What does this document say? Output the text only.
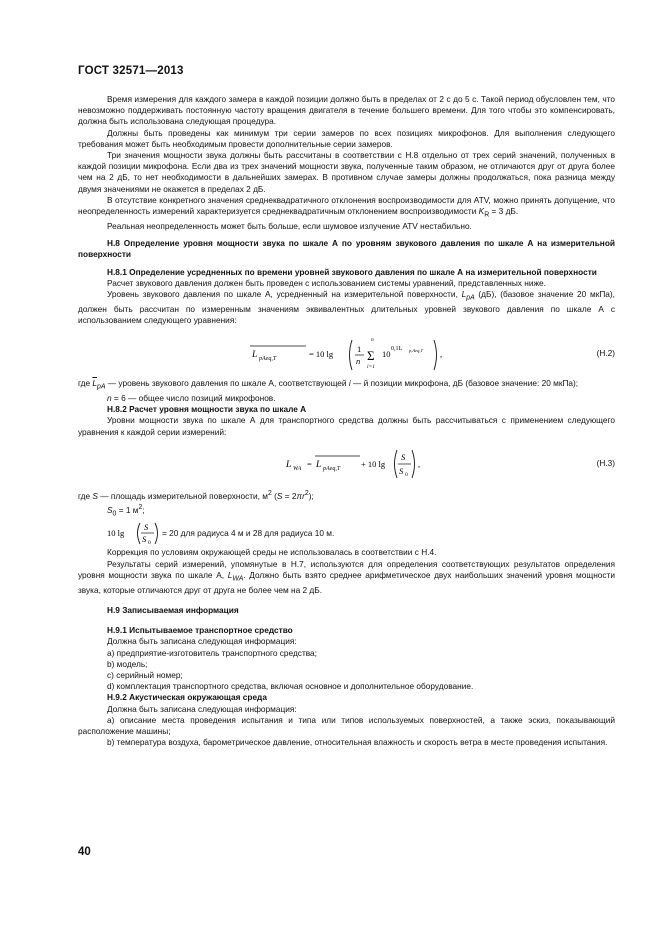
ГОСТ 32571—2013

Время измерения для каждого замера в каждой позиции должно быть в пределах от 2 с до 5 с. Такой период обусловлен тем, что невозможно поддерживать постоянную частоту вращения двигателя в течение большего времени. Для того чтобы это компенсировать, должна быть использована следующая процедура.

Должны быть проведены как минимум три серии замеров по всех позициях микрофонов. Для выполнения следующего требования может быть необходимым провести дополнительные серии замеров.

Три значения мощности звука должны быть рассчитаны в соответствии с Н.8 отдельно от трех серий значений, полученных в каждой позиции микрофона. Если два из трех значений мощности звука, полученные таким образом, не отличаются друг от друга более чем на 2 дБ, то нет необходимости в дальнейших замерах. В противном случае замеры должны продолжаться, пока разница между двумя значениями не окажется в пределах 2 дБ.

В отсутствие конкретного значения среднеквадратичного отклонения воспроизводимости для ATV, можно принять допущение, что неопределенность измерений характеризуется среднеквадратичным отклонением воспроизводимости $K_R = 3$ дБ.

Реальная неопределенность может быть больше, если шумовое излучение ATV нестабильно.

Н.8 Определение уровня мощности звука по шкале А по уровням звукового давления по шкале А на измерительной поверхности

Н.8.1 Определение усредненных по времени уровней звукового давления по шкале А на измерительной поверхности

Расчет звукового давления должен быть проведен с использованием системы уравнений, представленных ниже.

Уровень звукового давления по шкале А, усредненный на измерительной поверхности, $L_{pA}$ (дБ), (базовое значение 20 мкПа), должен быть рассчитан по измеренным значениям эквивалентных длительных уровней звукового давления по шкале А с использованием следующего уравнения:

L pAeq,T	= 10 lg	1
n
n
Σ
i=1
10 0,1L p,Aeq,T ,	(Н.2)

где $\overline{L}_{pA}$ — уровень звукового давления по шкале А, соответствующей i — й позиции микрофона, дБ (базовое значение: 20 мкПа);

n = 6 — общее число позиций микрофонов.

Н.8.2 Расчет уровня мощности звука по шкале А

Уровни мощности звука по шкале А для транспортного средства должны быть рассчитываться с применением следующего уравнения к каждой серии измерений:

L WA = L pAeq,T + 10 lg
S
S 0
,	(Н.3)

где S — площадь измерительной поверхности, $м^2$ $(S = 2\pi r^2)$;

$S_0 = 1$ $м^2$;

10 lg
S
S 0
= 20 для радиуса 4 м и 28 для радиуса 10 м.

Коррекция по условиям окружающей среды не использовалась в соответствии с Н.4.

Результаты серий измерений, упомянутые в Н.7, используются для определения соответствующих результатов определения уровня мощности звука по шкале А, $L_{WA}$. Должно быть взято среднее арифметическое двух наибольших значений уровня мощности звука, которые отличаются друг от друга не более чем на 2 дБ.

Н.9 Записываемая информация

Н.9.1 Испытываемое транспортное средство

Должна быть записана следующая информация:

а) предприятие-изготовитель транспортного средства;

b) модель;

с) серийный номер;

d) комплектация транспортного средства, включая основное и дополнительное оборудование.

Н.9.2 Акустическая окружающая среда

Должна быть записана следующая информация:

а) описание места проведения испытания и типа или типов используемых поверхностей, а также эскиз, показывающий расположение машины;

b) температура воздуха, барометрическое давление, относительная влажность и скорость ветра в месте проведения испытания.

40
